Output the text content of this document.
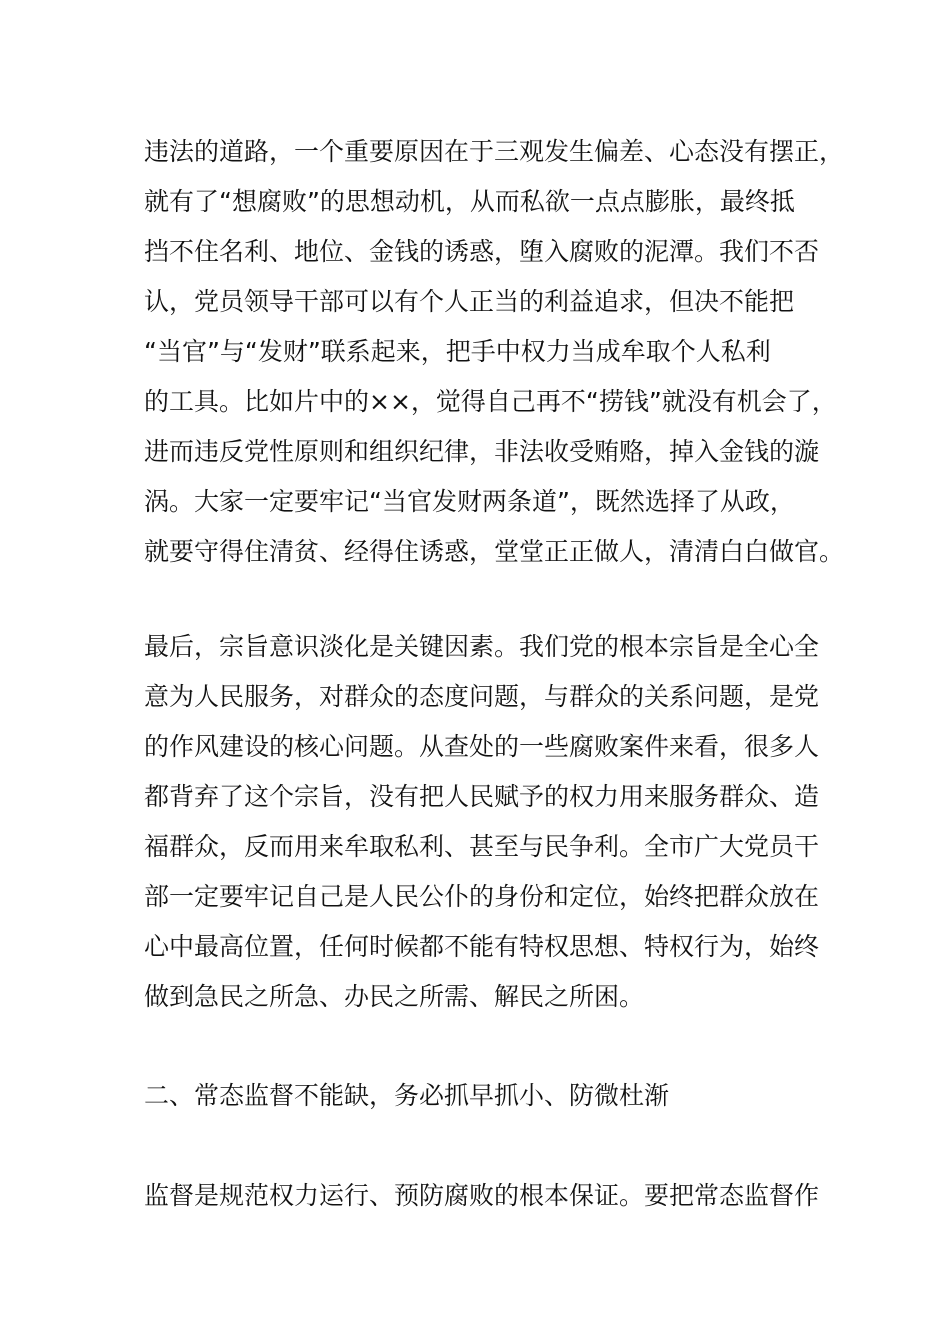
违法的道路，一个重要原因在于三观发生偏差、心态没有摆正，
就有了“想腐败”的思想动机，从而私欲一点点膨胀，最终抵
挡不住名利、地位、金钱的诱惑，堕入腐败的泥潭。我们不否
认，党员领导干部可以有个人正当的利益追求，但决不能把
“当官”与“发财”联系起来，把手中权力当成牟取个人私利
的工具。比如片中的××，觉得自己再不“捞钱”就没有机会了，
进而违反党性原则和组织纪律，非法收受贿赂，掉入金钱的漩
涡。大家一定要牢记“当官发财两条道”，既然选择了从政，
就要守得住清贫、经得住诱惑，堂堂正正做人，清清白白做官。
最后，宗旨意识淡化是关键因素。我们党的根本宗旨是全心全
意为人民服务，对群众的态度问题，与群众的关系问题，是党
的作风建设的核心问题。从查处的一些腐败案件来看，很多人
都背弃了这个宗旨，没有把人民赋予的权力用来服务群众、造
福群众，反而用来牟取私利、甚至与民争利。全市广大党员干
部一定要牢记自己是人民公仆的身份和定位，始终把群众放在
心中最高位置，任何时候都不能有特权思想、特权行为，始终
做到急民之所急、办民之所需、解民之所困。
二、常态监督不能缺，务必抓早抓小、防微杜渐
监督是规范权力运行、预防腐败的根本保证。要把常态监督作
